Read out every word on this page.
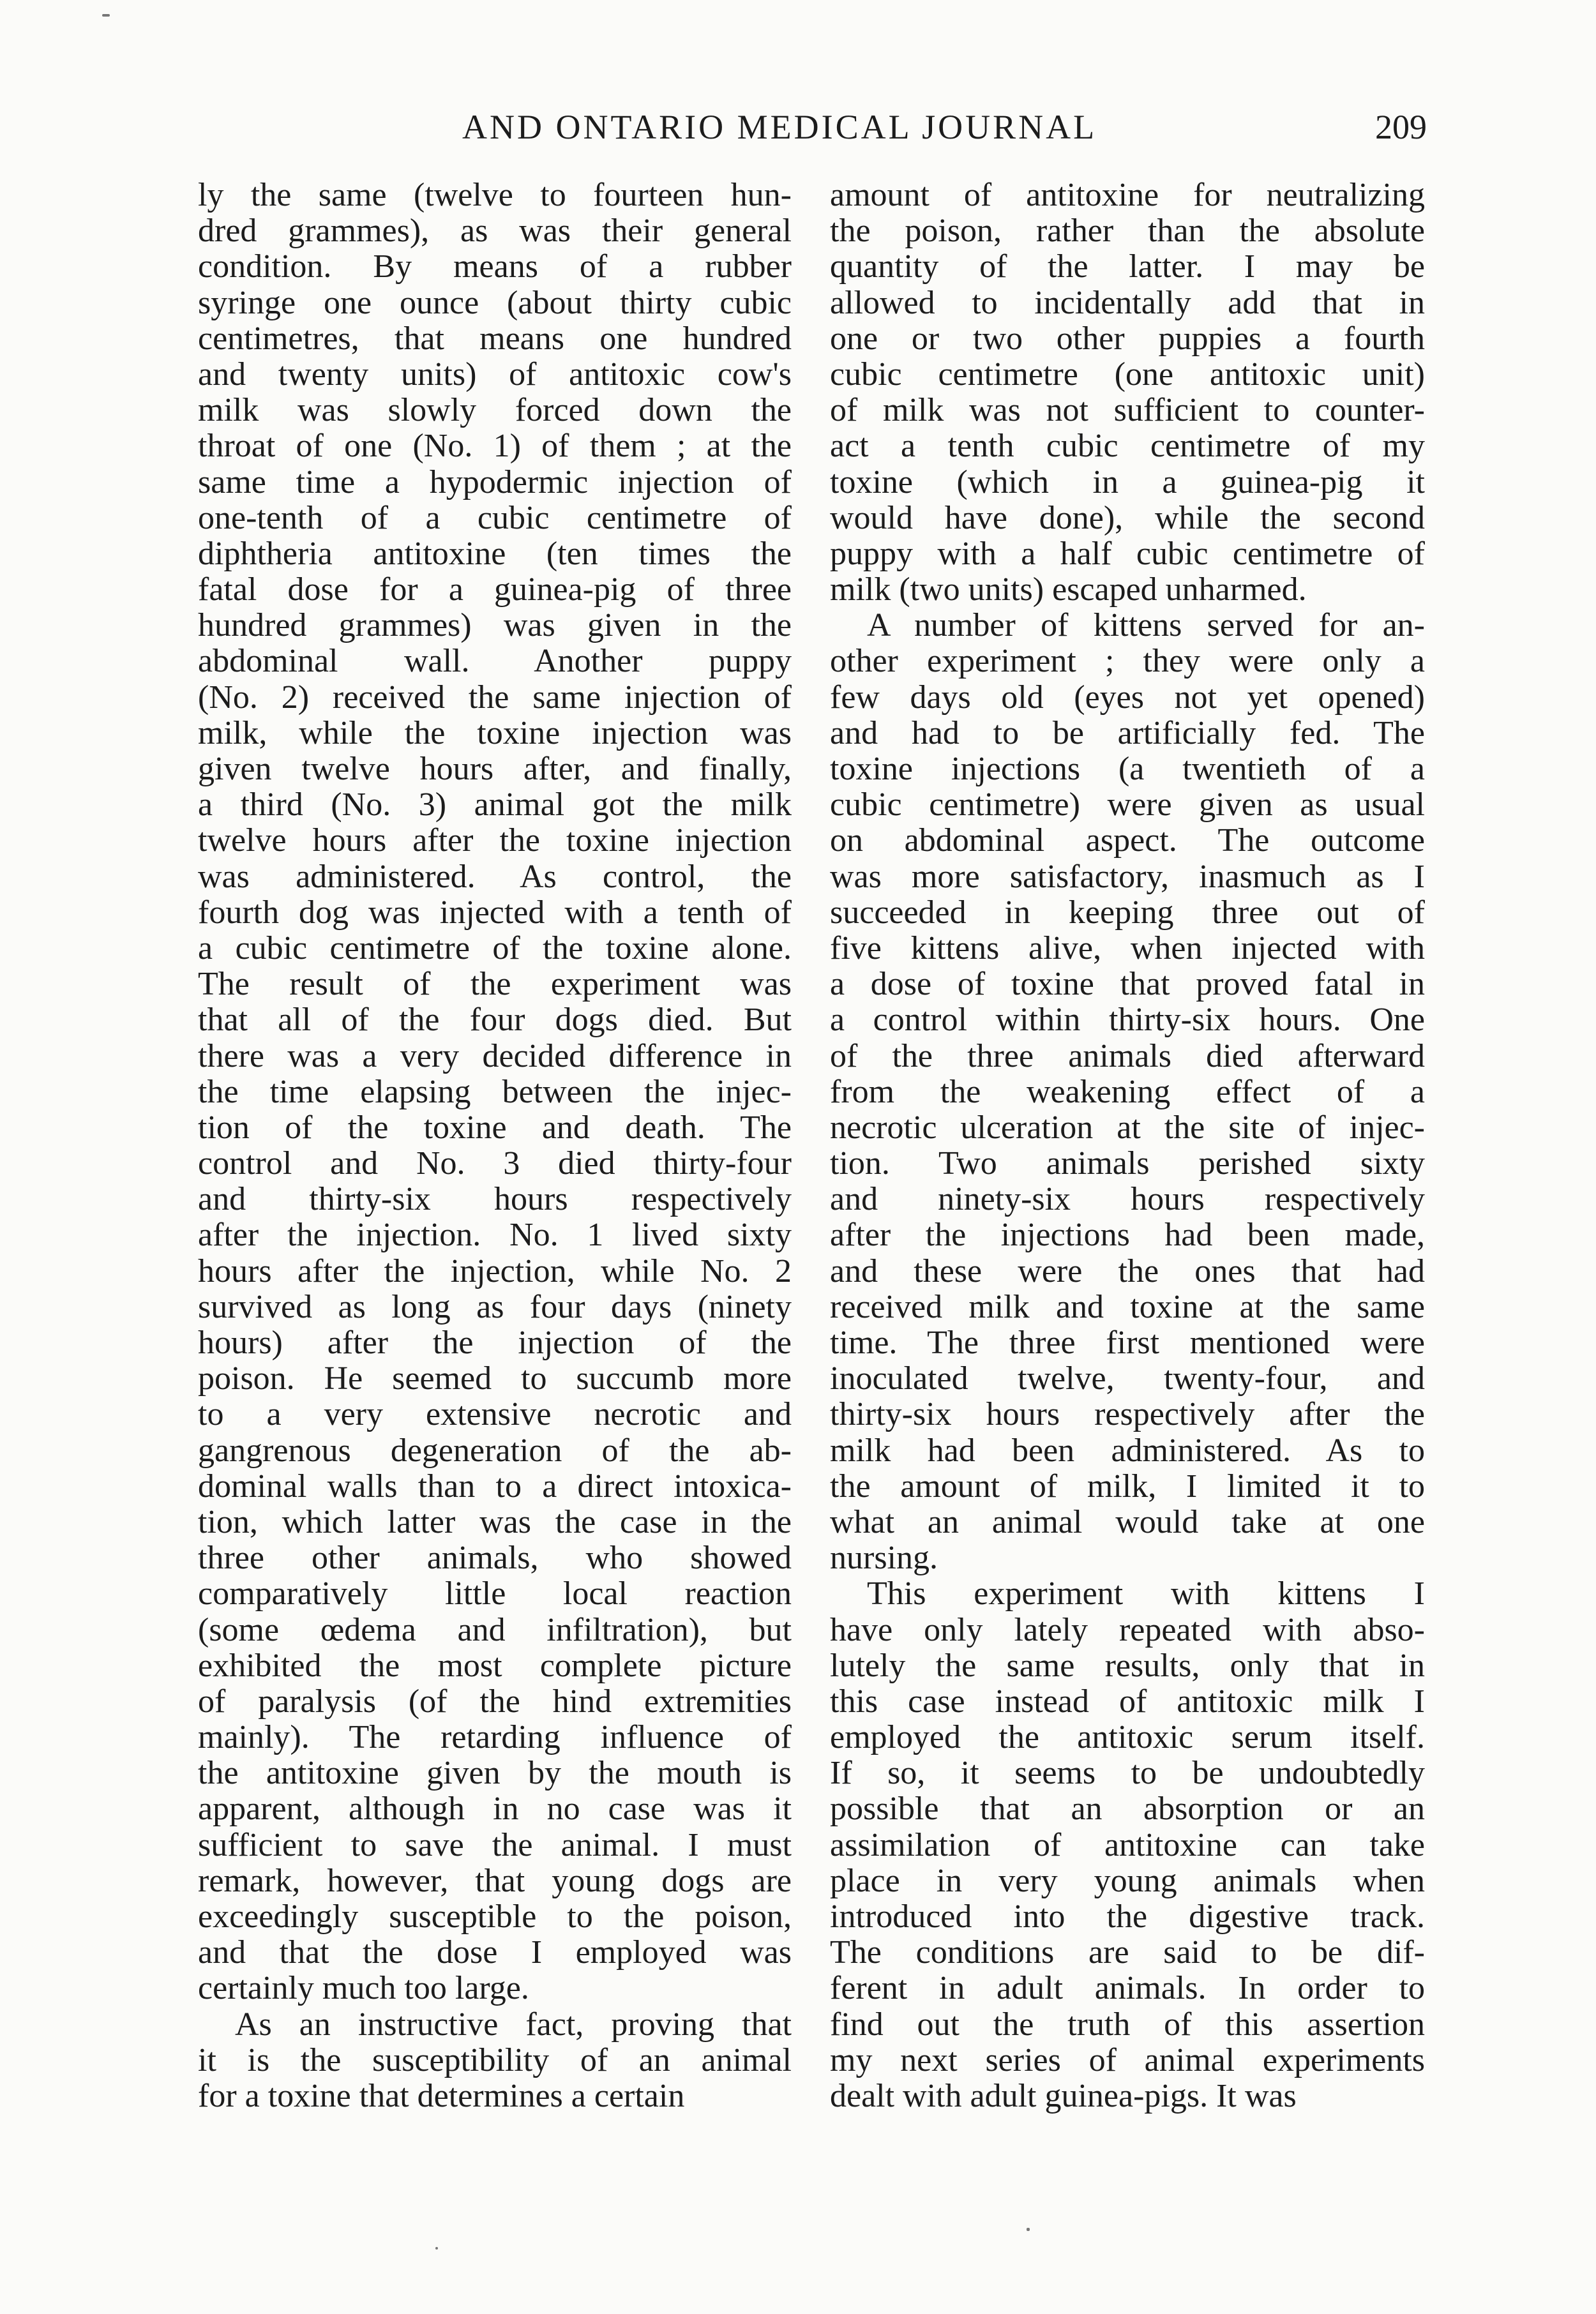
AND ONTARIO MEDICAL JOURNAL	209
ly the same (twelve to fourteen hun-
dred grammes), as was their general
condition. By means of a rubber
syringe one ounce (about thirty cubic
centimetres, that means one hundred
and twenty units) of antitoxic cow's
milk was slowly forced down the
throat of one (No. 1) of them ; at the
same time a hypodermic injection of
one-tenth of a cubic centimetre of
diphtheria antitoxine (ten times the
fatal dose for a guinea-pig of three
hundred grammes) was given in the
abdominal wall. Another puppy
(No. 2) received the same injection of
milk, while the toxine injection was
given twelve hours after, and finally,
a third (No. 3) animal got the milk
twelve hours after the toxine injection
was administered. As control, the
fourth dog was injected with a tenth of
a cubic centimetre of the toxine alone.
The result of the experiment was
that all of the four dogs died. But
there was a very decided difference in
the time elapsing between the injec-
tion of the toxine and death. The
control and No. 3 died thirty-four
and thirty-six hours respectively
after the injection. No. 1 lived sixty
hours after the injection, while No. 2
survived as long as four days (ninety
hours) after the injection of the
poison. He seemed to succumb more
to a very extensive necrotic and
gangrenous degeneration of the ab-
dominal walls than to a direct intoxica-
tion, which latter was the case in the
three other animals, who showed
comparatively little local reaction
(some œdema and infiltration), but
exhibited the most complete picture
of paralysis (of the hind extremities
mainly). The retarding influence of
the antitoxine given by the mouth is
apparent, although in no case was it
sufficient to save the animal. I must
remark, however, that young dogs are
exceedingly susceptible to the poison,
and that the dose I employed was
certainly much too large.
As an instructive fact, proving that
it is the susceptibility of an animal
for a toxine that determines a certain
amount of antitoxine for neutralizing
the poison, rather than the absolute
quantity of the latter. I may be
allowed to incidentally add that in
one or two other puppies a fourth
cubic centimetre (one antitoxic unit)
of milk was not sufficient to counter-
act a tenth cubic centimetre of my
toxine (which in a guinea-pig it
would have done), while the second
puppy with a half cubic centimetre of
milk (two units) escaped unharmed.
A number of kittens served for an-
other experiment ; they were only a
few days old (eyes not yet opened)
and had to be artificially fed. The
toxine injections (a twentieth of a
cubic centimetre) were given as usual
on abdominal aspect. The outcome
was more satisfactory, inasmuch as I
succeeded in keeping three out of
five kittens alive, when injected with
a dose of toxine that proved fatal in
a control within thirty-six hours. One
of the three animals died afterward
from the weakening effect of a
necrotic ulceration at the site of injec-
tion. Two animals perished sixty
and ninety-six hours respectively
after the injections had been made,
and these were the ones that had
received milk and toxine at the same
time. The three first mentioned were
inoculated twelve, twenty-four, and
thirty-six hours respectively after the
milk had been administered. As to
the amount of milk, I limited it to
what an animal would take at one
nursing.
This experiment with kittens I
have only lately repeated with abso-
lutely the same results, only that in
this case instead of antitoxic milk I
employed the antitoxic serum itself.
If so, it seems to be undoubtedly
possible that an absorption or an
assimilation of antitoxine can take
place in very young animals when
introduced into the digestive track.
The conditions are said to be dif-
ferent in adult animals. In order to
find out the truth of this assertion
my next series of animal experiments
dealt with adult guinea-pigs. It was
